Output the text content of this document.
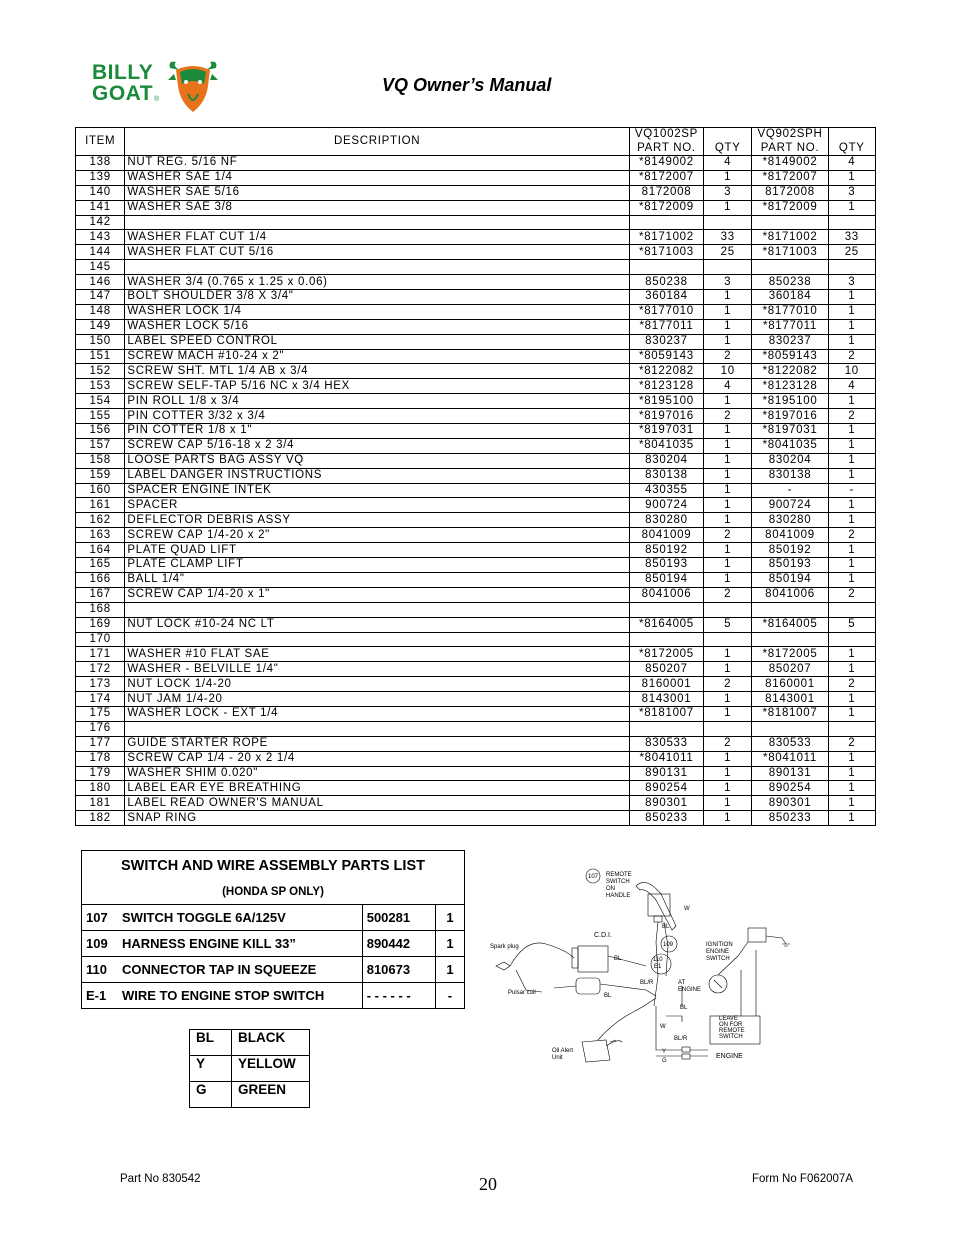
BILLY
GOAT ®
VQ Owner’s Manual
ITEM	DESCRIPTION	VQ1002SP		VQ902SPH	
		PART NO.	QTY	PART NO.	QTY
138	NUT REG. 5/16 NF	*8149002	4	*8149002	4
139	WASHER SAE 1/4	*8172007	1	*8172007	1
140	WASHER SAE 5/16	8172008	3	8172008	3
141	WASHER SAE 3/8	*8172009	1	*8172009	1
142					
143	WASHER FLAT CUT 1/4	*8171002	33	*8171002	33
144	WASHER FLAT CUT 5/16	*8171003	25	*8171003	25
145					
146	WASHER 3/4 (0.765 x 1.25 x 0.06)	850238	3	850238	3
147	BOLT SHOULDER 3/8 X 3/4"	360184	1	360184	1
148	WASHER LOCK 1/4	*8177010	1	*8177010	1
149	WASHER LOCK 5/16	*8177011	1	*8177011	1
150	LABEL SPEED CONTROL	830237	1	830237	1
151	SCREW MACH #10-24 x 2"	*8059143	2	*8059143	2
152	SCREW SHT. MTL 1/4 AB x 3/4	*8122082	10	*8122082	10
153	SCREW SELF-TAP 5/16 NC x 3/4 HEX	*8123128	4	*8123128	4
154	PIN ROLL 1/8 x 3/4	*8195100	1	*8195100	1
155	PIN COTTER 3/32 x 3/4	*8197016	2	*8197016	2
156	PIN COTTER 1/8 x 1"	*8197031	1	*8197031	1
157	SCREW CAP 5/16-18 x 2 3/4	*8041035	1	*8041035	1
158	LOOSE PARTS BAG ASSY VQ	830204	1	830204	1
159	LABEL DANGER INSTRUCTIONS	830138	1	830138	1
160	SPACER ENGINE INTEK	430355	1	-	-
161	SPACER	900724	1	900724	1
162	DEFLECTOR DEBRIS ASSY	830280	1	830280	1
163	SCREW CAP 1/4-20 x 2"	8041009	2	8041009	2
164	PLATE QUAD LIFT	850192	1	850192	1
165	PLATE CLAMP LIFT	850193	1	850193	1
166	BALL 1/4"	850194	1	850194	1
167	SCREW CAP 1/4-20 x 1"	8041006	2	8041006	2
168					
169	NUT LOCK #10-24 NC LT	*8164005	5	*8164005	5
170					
171	WASHER #10 FLAT SAE	*8172005	1	*8172005	1
172	WASHER - BELVILLE 1/4"	850207	1	850207	1
173	NUT LOCK 1/4-20	8160001	2	8160001	2
174	NUT JAM 1/4-20	8143001	1	8143001	1
175	WASHER LOCK - EXT 1/4	*8181007	1	*8181007	1
176					
177	GUIDE STARTER ROPE	830533	2	830533	2
178	SCREW CAP 1/4 - 20 x 2 1/4	*8041011	1	*8041011	1
179	WASHER SHIM 0.020"	890131	1	890131	1
180	LABEL EAR EYE BREATHING	890254	1	890254	1
181	LABEL READ OWNER'S MANUAL	890301	1	890301	1
182	SNAP RING	850233	1	850233	1
SWITCH AND WIRE ASSEMBLY PARTS LIST		
(HONDA SP ONLY)		
107 SWITCH TOGGLE 6A/125V	500281	1
109 HARNESS ENGINE KILL 33”	890442	1
110 CONNECTOR TAP IN SQUEEZE	810673	1
E-1 WIRE TO ENGINE STOP SWITCH	- - - - - -	-
BL	BLACK
Y	YELLOW
G	GREEN
107 REMOTE
SWITCH
ON
HANDLE
W
BL
C.D.I.
109	IGNITION
ENGINE
SWITCH
Spark plug
BL	110
E1
BL/R	AT
ENGINE
Pulsar coil	BL
BL
LEAVE
ON FOR
REMOTE
SWITCH
W
BL/R
Oil Alert
Unit
Y
G
ENGINE
Part No 830542	20	Form No F062007A
